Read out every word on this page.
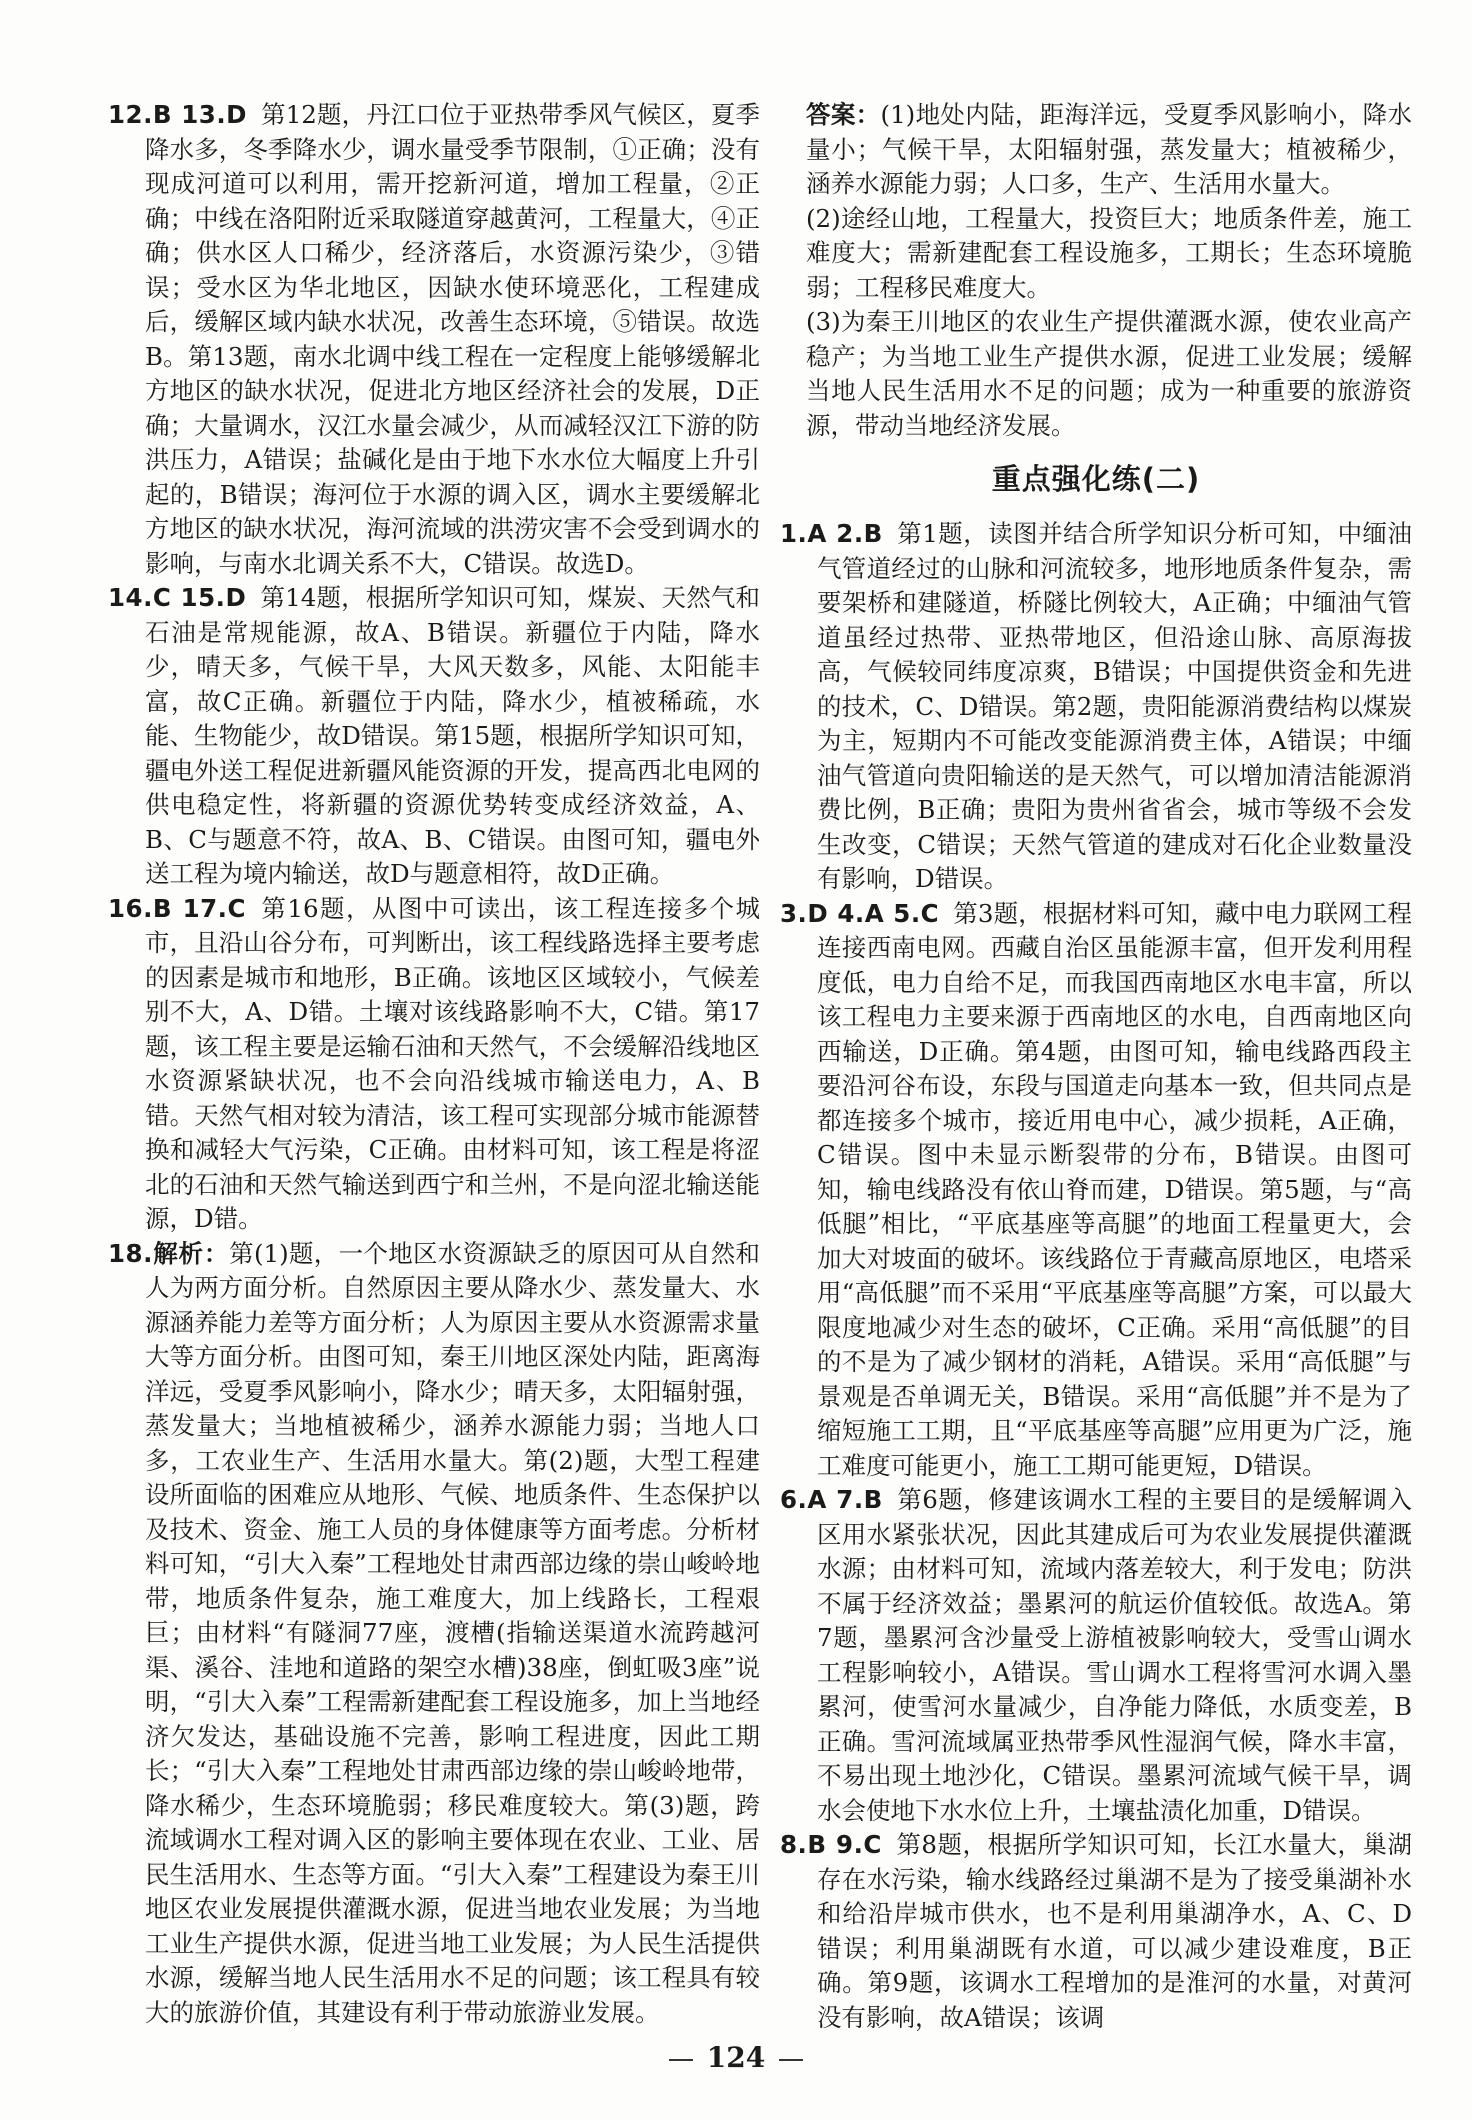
12.B 13.D 第12题，丹江口位于亚热带季风气候区，夏季降水多，冬季降水少，调水量受季节限制，①正确；没有现成河道可以利用，需开挖新河道，增加工程量，②正确；中线在洛阳附近采取隧道穿越黄河，工程量大，④正确；供水区人口稀少，经济落后，水资源污染少，③错误；受水区为华北地区，因缺水使环境恶化，工程建成后，缓解区域内缺水状况，改善生态环境，⑤错误。故选B。第13题，南水北调中线工程在一定程度上能够缓解北方地区的缺水状况，促进北方地区经济社会的发展，D正确；大量调水，汉江水量会减少，从而减轻汉江下游的防洪压力，A错误；盐碱化是由于地下水水位大幅度上升引起的，B错误；海河位于水源的调入区，调水主要缓解北方地区的缺水状况，海河流域的洪涝灾害不会受到调水的影响，与南水北调关系不大，C错误。故选D。

14.C 15.D 第14题，根据所学知识可知，煤炭、天然气和石油是常规能源，故A、B错误。新疆位于内陆，降水少，晴天多，气候干旱，大风天数多，风能、太阳能丰富，故C正确。新疆位于内陆，降水少，植被稀疏，水能、生物能少，故D错误。第15题，根据所学知识可知，疆电外送工程促进新疆风能资源的开发，提高西北电网的供电稳定性，将新疆的资源优势转变成经济效益，A、B、C与题意不符，故A、B、C错误。由图可知，疆电外送工程为境内输送，故D与题意相符，故D正确。

16.B 17.C 第16题，从图中可读出，该工程连接多个城市，且沿山谷分布，可判断出，该工程线路选择主要考虑的因素是城市和地形，B正确。该地区区域较小，气候差别不大，A、D错。土壤对该线路影响不大，C错。第17题，该工程主要是运输石油和天然气，不会缓解沿线地区水资源紧缺状况，也不会向沿线城市输送电力，A、B错。天然气相对较为清洁，该工程可实现部分城市能源替换和减轻大气污染，C正确。由材料可知，该工程是将涩北的石油和天然气输送到西宁和兰州，不是向涩北输送能源，D错。

18.解析：第(1)题，一个地区水资源缺乏的原因可从自然和人为两方面分析。自然原因主要从降水少、蒸发量大、水源涵养能力差等方面分析；人为原因主要从水资源需求量大等方面分析。由图可知，秦王川地区深处内陆，距离海洋远，受夏季风影响小，降水少；晴天多，太阳辐射强，蒸发量大；当地植被稀少，涵养水源能力弱；当地人口多，工农业生产、生活用水量大。第(2)题，大型工程建设所面临的困难应从地形、气候、地质条件、生态保护以及技术、资金、施工人员的身体健康等方面考虑。分析材料可知，“引大入秦”工程地处甘肃西部边缘的崇山峻岭地带，地质条件复杂，施工难度大，加上线路长，工程艰巨；由材料“有隧洞77座，渡槽(指输送渠道水流跨越河渠、溪谷、洼地和道路的架空水槽)38座，倒虹吸3座”说明，“引大入秦”工程需新建配套工程设施多，加上当地经济欠发达，基础设施不完善，影响工程进度，因此工期长；“引大入秦”工程地处甘肃西部边缘的崇山峻岭地带，降水稀少，生态环境脆弱；移民难度较大。第(3)题，跨流域调水工程对调入区的影响主要体现在农业、工业、居民生活用水、生态等方面。“引大入秦”工程建设为秦王川地区农业发展提供灌溉水源，促进当地农业发展；为当地工业生产提供水源，促进当地工业发展；为人民生活提供水源，缓解当地人民生活用水不足的问题；该工程具有较大的旅游价值，其建设有利于带动旅游业发展。

答案：(1)地处内陆，距海洋远，受夏季风影响小，降水量小；气候干旱，太阳辐射强，蒸发量大；植被稀少，涵养水源能力弱；人口多，生产、生活用水量大。

(2)途经山地，工程量大，投资巨大；地质条件差，施工难度大；需新建配套工程设施多，工期长；生态环境脆弱；工程移民难度大。

(3)为秦王川地区的农业生产提供灌溉水源，使农业高产稳产；为当地工业生产提供水源，促进工业发展；缓解当地人民生活用水不足的问题；成为一种重要的旅游资源，带动当地经济发展。

重点强化练(二)

1.A 2.B 第1题，读图并结合所学知识分析可知，中缅油气管道经过的山脉和河流较多，地形地质条件复杂，需要架桥和建隧道，桥隧比例较大，A正确；中缅油气管道虽经过热带、亚热带地区，但沿途山脉、高原海拔高，气候较同纬度凉爽，B错误；中国提供资金和先进的技术，C、D错误。第2题，贵阳能源消费结构以煤炭为主，短期内不可能改变能源消费主体，A错误；中缅油气管道向贵阳输送的是天然气，可以增加清洁能源消费比例，B正确；贵阳为贵州省省会，城市等级不会发生改变，C错误；天然气管道的建成对石化企业数量没有影响，D错误。

3.D 4.A 5.C 第3题，根据材料可知，藏中电力联网工程连接西南电网。西藏自治区虽能源丰富，但开发利用程度低，电力自给不足，而我国西南地区水电丰富，所以该工程电力主要来源于西南地区的水电，自西南地区向西输送，D正确。第4题，由图可知，输电线路西段主要沿河谷布设，东段与国道走向基本一致，但共同点是都连接多个城市，接近用电中心，减少损耗，A正确，C错误。图中未显示断裂带的分布，B错误。由图可知，输电线路没有依山脊而建，D错误。第5题，与“高低腿”相比，“平底基座等高腿”的地面工程量更大，会加大对坡面的破坏。该线路位于青藏高原地区，电塔采用“高低腿”而不采用“平底基座等高腿”方案，可以最大限度地减少对生态的破坏，C正确。采用“高低腿”的目的不是为了减少钢材的消耗，A错误。采用“高低腿”与景观是否单调无关，B错误。采用“高低腿”并不是为了缩短施工工期，且“平底基座等高腿”应用更为广泛，施工难度可能更小，施工工期可能更短，D错误。

6.A 7.B 第6题，修建该调水工程的主要目的是缓解调入区用水紧张状况，因此其建成后可为农业发展提供灌溉水源；由材料可知，流域内落差较大，利于发电；防洪不属于经济效益；墨累河的航运价值较低。故选A。第7题，墨累河含沙量受上游植被影响较大，受雪山调水工程影响较小，A错误。雪山调水工程将雪河水调入墨累河，使雪河水量减少，自净能力降低，水质变差，B正确。雪河流域属亚热带季风性湿润气候，降水丰富，不易出现土地沙化，C错误。墨累河流域气候干旱，调水会使地下水水位上升，土壤盐渍化加重，D错误。

8.B 9.C 第8题，根据所学知识可知，长江水量大，巢湖存在水污染，输水线路经过巢湖不是为了接受巢湖补水和给沿岸城市供水，也不是利用巢湖净水，A、C、D错误；利用巢湖既有水道，可以减少建设难度，B正确。第9题，该调水工程增加的是淮河的水量，对黄河没有影响，故A错误；该调

124
